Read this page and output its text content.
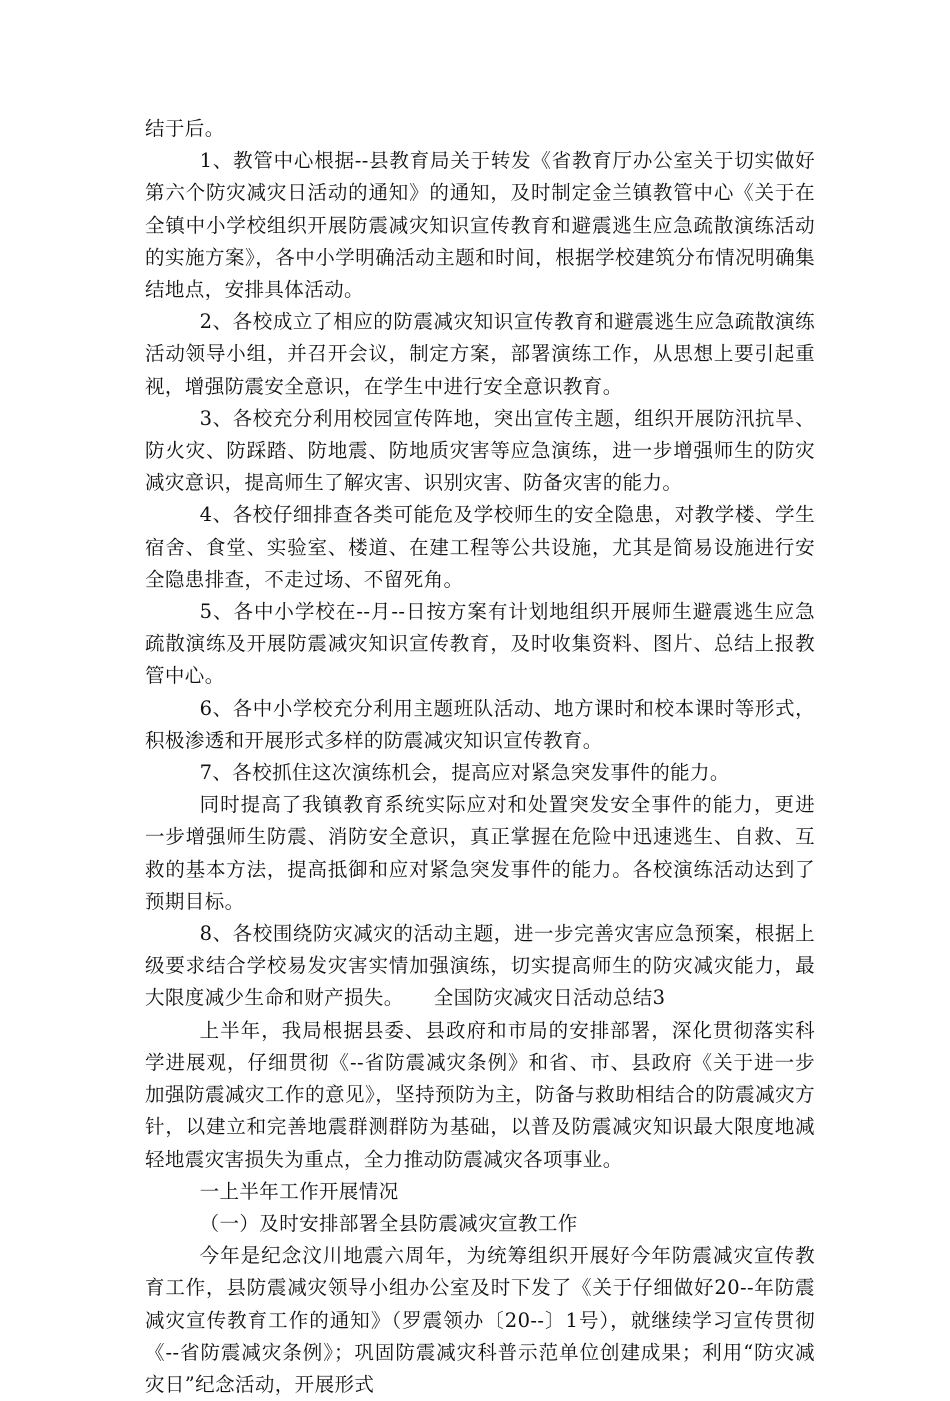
结于后。

1、教管中心根据--县教育局关于转发《省教育厅办公室关于切实做好第六个防灾减灾日活动的通知》的通知，及时制定金兰镇教管中心《关于在全镇中小学校组织开展防震减灾知识宣传教育和避震逃生应急疏散演练活动的实施方案》，各中小学明确活动主题和时间，根据学校建筑分布情况明确集结地点，安排具体活动。

2、各校成立了相应的防震减灾知识宣传教育和避震逃生应急疏散演练活动领导小组，并召开会议，制定方案，部署演练工作，从思想上要引起重视，增强防震安全意识，在学生中进行安全意识教育。

3、各校充分利用校园宣传阵地，突出宣传主题，组织开展防汛抗旱、防火灾、防踩踏、防地震、防地质灾害等应急演练，进一步增强师生的防灾减灾意识，提高师生了解灾害、识别灾害、防备灾害的能力。

4、各校仔细排查各类可能危及学校师生的安全隐患，对教学楼、学生宿舍、食堂、实验室、楼道、在建工程等公共设施，尤其是简易设施进行安全隐患排查，不走过场、不留死角。

5、各中小学校在--月--日按方案有计划地组织开展师生避震逃生应急疏散演练及开展防震减灾知识宣传教育，及时收集资料、图片、总结上报教管中心。

6、各中小学校充分利用主题班队活动、地方课时和校本课时等形式，积极渗透和开展形式多样的防震减灾知识宣传教育。

7、各校抓住这次演练机会，提高应对紧急突发事件的能力。

同时提高了我镇教育系统实际应对和处置突发安全事件的能力，更进一步增强师生防震、消防安全意识，真正掌握在危险中迅速逃生、自救、互救的基本方法，提高抵御和应对紧急突发事件的能力。各校演练活动达到了预期目标。

8、各校围绕防灾减灾的活动主题，进一步完善灾害应急预案，根据上级要求结合学校易发灾害实情加强演练，切实提高师生的防灾减灾能力，最大限度减少生命和财产损失。　　全国防灾减灾日活动总结3

上半年，我局根据县委、县政府和市局的安排部署，深化贯彻落实科学进展观，仔细贯彻《--省防震减灾条例》和省、市、县政府《关于进一步加强防震减灾工作的意见》，坚持预防为主，防备与救助相结合的防震减灾方针，以建立和完善地震群测群防为基础，以普及防震减灾知识最大限度地减轻地震灾害损失为重点，全力推动防震减灾各项事业。

一上半年工作开展情况

（一）及时安排部署全县防震减灾宣教工作

今年是纪念汶川地震六周年，为统筹组织开展好今年防震减灾宣传教育工作，县防震减灾领导小组办公室及时下发了《关于仔细做好20--年防震减灾宣传教育工作的通知》（罗震领办〔20--〕1号），就继续学习宣传贯彻《--省防震减灾条例》；巩固防震减灾科普示范单位创建成果；利用“防灾减灾日”纪念活动，开展形式
